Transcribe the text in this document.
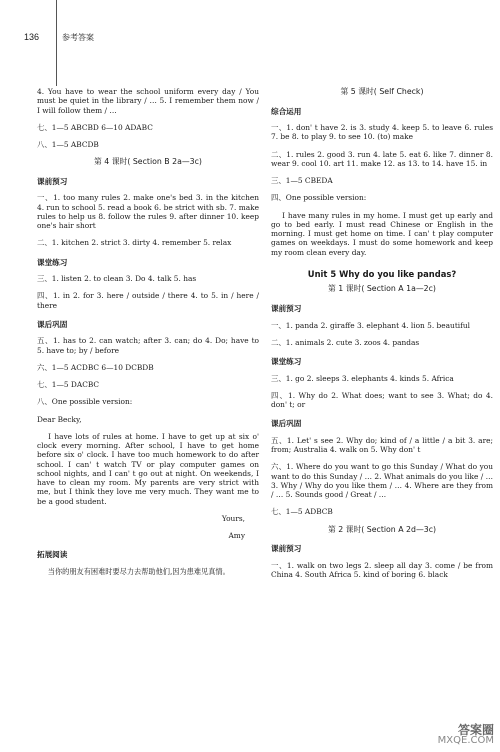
136	参考答案

4. You have to wear the school uniform every day / You must be quiet in the library / … 5. I remember them now / I will follow them / …

七、1—5 ABCBD 6—10 ADABC

八、1—5 ABCDB

第 4 课时( Section B 2a—3c)
课前预习

一、1. too many rules 2. make one's bed 3. in the kitchen 4. run to school 5. read a book 6. be strict with sb. 7. make rules to help us 8. follow the rules 9. after dinner 10. keep one's hair short

二、1. kitchen 2. strict 3. dirty 4. remember 5. relax

课堂练习

三、1. listen 2. to clean 3. Do 4. talk 5. has

四、1. in 2. for 3. here / outside / there 4. to 5. in / here / there

课后巩固

五、1. has to 2. can watch; after 3. can; do 4. Do; have to 5. have to; by / before

六、1—5 ACDBC 6—10 DCBDB

七、1—5 DACBC

八、One possible version:

Dear Becky,

I have lots of rules at home. I have to get up at six o' clock every morning. After school, I have to get home before six o' clock. I have too much homework to do after school. I can' t watch TV or play computer games on school nights, and I can' t go out at night. On weekends, I have to clean my room. My parents are very strict with me, but I think they love me very much. They want me to be a good student.

Yours,

Amy

拓展阅读

当你的朋友有困难时要尽力去帮助他们,因为患难见真情。

第 5 课时( Self Check)
综合运用

一、1. don' t have 2. is 3. study 4. keep 5. to leave 6. rules 7. be 8. to play 9. to see 10. (to) make

二、1. rules 2. good 3. run 4. late 5. eat 6. like 7. dinner 8. wear 9. cool 10. art 11. make 12. as 13. to 14. have 15. in

三、1—5 CBEDA

四、One possible version:

I have many rules in my home. I must get up early and go to bed early. I must read Chinese or English in the morning. I must get home on time. I can' t play computer games on weekdays. I must do some homework and keep my room clean every day.

Unit 5 Why do you like pandas?
第 1 课时( Section A 1a—2c)
课前预习

一、1. panda 2. giraffe 3. elephant 4. lion 5. beautiful

二、1. animals 2. cute 3. zoos 4. pandas

课堂练习

三、1. go 2. sleeps 3. elephants 4. kinds 5. Africa

四、1. Why do 2. What does; want to see 3. What; do 4. don' t; or

课后巩固

五、1. Let' s see 2. Why do; kind of / a little / a bit 3. are; from; Australia 4. walk on 5. Why don' t

六、1. Where do you want to go this Sunday / What do you want to do this Sunday / … 2. What animals do you like / … 3. Why / Why do you like them / … 4. Where are they from / … 5. Sounds good / Great / …

七、1—5 ADBCB

第 2 课时( Section A 2d—3c)
课前预习

一、1. walk on two legs 2. sleep all day 3. come / be from China 4. South Africa 5. kind of boring 6. black

答案圈
MXQE.COM
